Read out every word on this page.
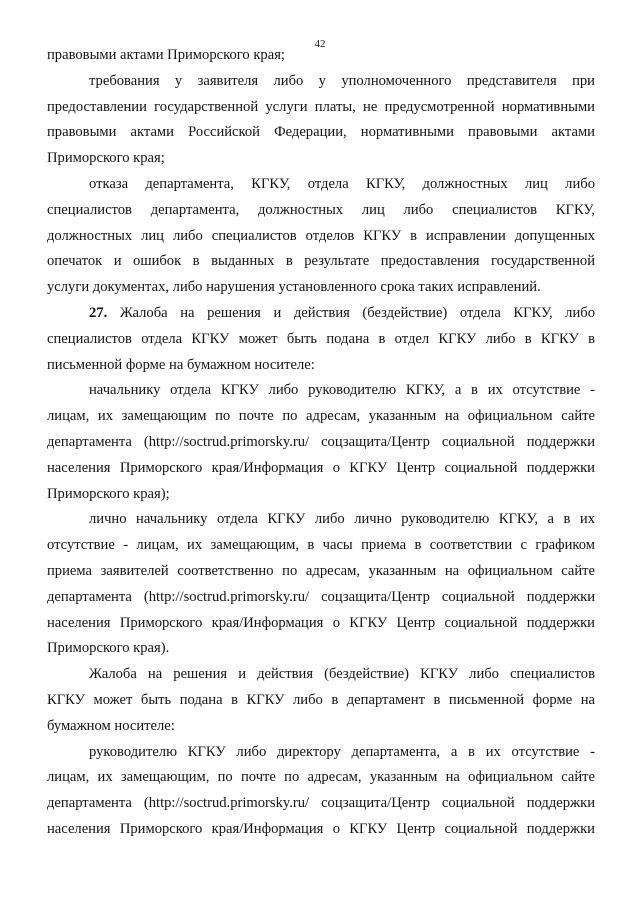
42
правовыми актами Приморского края;
требования у заявителя либо у уполномоченного представителя при
предоставлении государственной услуги платы, не предусмотренной нормативными
правовыми актами Российской Федерации, нормативными правовыми актами
Приморского края;
отказа департамента, КГКУ, отдела КГКУ, должностных лиц либо
специалистов департамента, должностных лиц либо специалистов КГКУ,
должностных лиц либо специалистов отделов КГКУ в исправлении допущенных
опечаток и ошибок в выданных в результате предоставления государственной
услуги документах, либо нарушения установленного срока таких исправлений.
27. Жалоба на решения и действия (бездействие) отдела КГКУ, либо
специалистов отдела КГКУ может быть подана в отдел КГКУ либо в КГКУ в
письменной форме на бумажном носителе:
начальнику отдела КГКУ либо руководителю КГКУ, а в их отсутствие -
лицам, их замещающим по почте по адресам, указанным на официальном сайте
департамента (http://soctrud.primorsky.ru/ соцзащита/Центр социальной поддержки
населения Приморского края/Информация о КГКУ Центр социальной поддержки
Приморского края);
лично начальнику отдела КГКУ либо лично руководителю КГКУ, а в их
отсутствие - лицам, их замещающим, в часы приема в соответствии с графиком
приема заявителей соответственно по адресам, указанным на официальном сайте
департамента (http://soctrud.primorsky.ru/ соцзащита/Центр социальной поддержки
населения Приморского края/Информация о КГКУ Центр социальной поддержки
Приморского края).
Жалоба на решения и действия (бездействие) КГКУ либо специалистов
КГКУ может быть подана в КГКУ либо в департамент в письменной форме на
бумажном носителе:
руководителю КГКУ либо директору департамента, а в их отсутствие -
лицам, их замещающим, по почте по адресам, указанным на официальном сайте
департамента (http://soctrud.primorsky.ru/ соцзащита/Центр социальной поддержки
населения Приморского края/Информация о КГКУ Центр социальной поддержки
